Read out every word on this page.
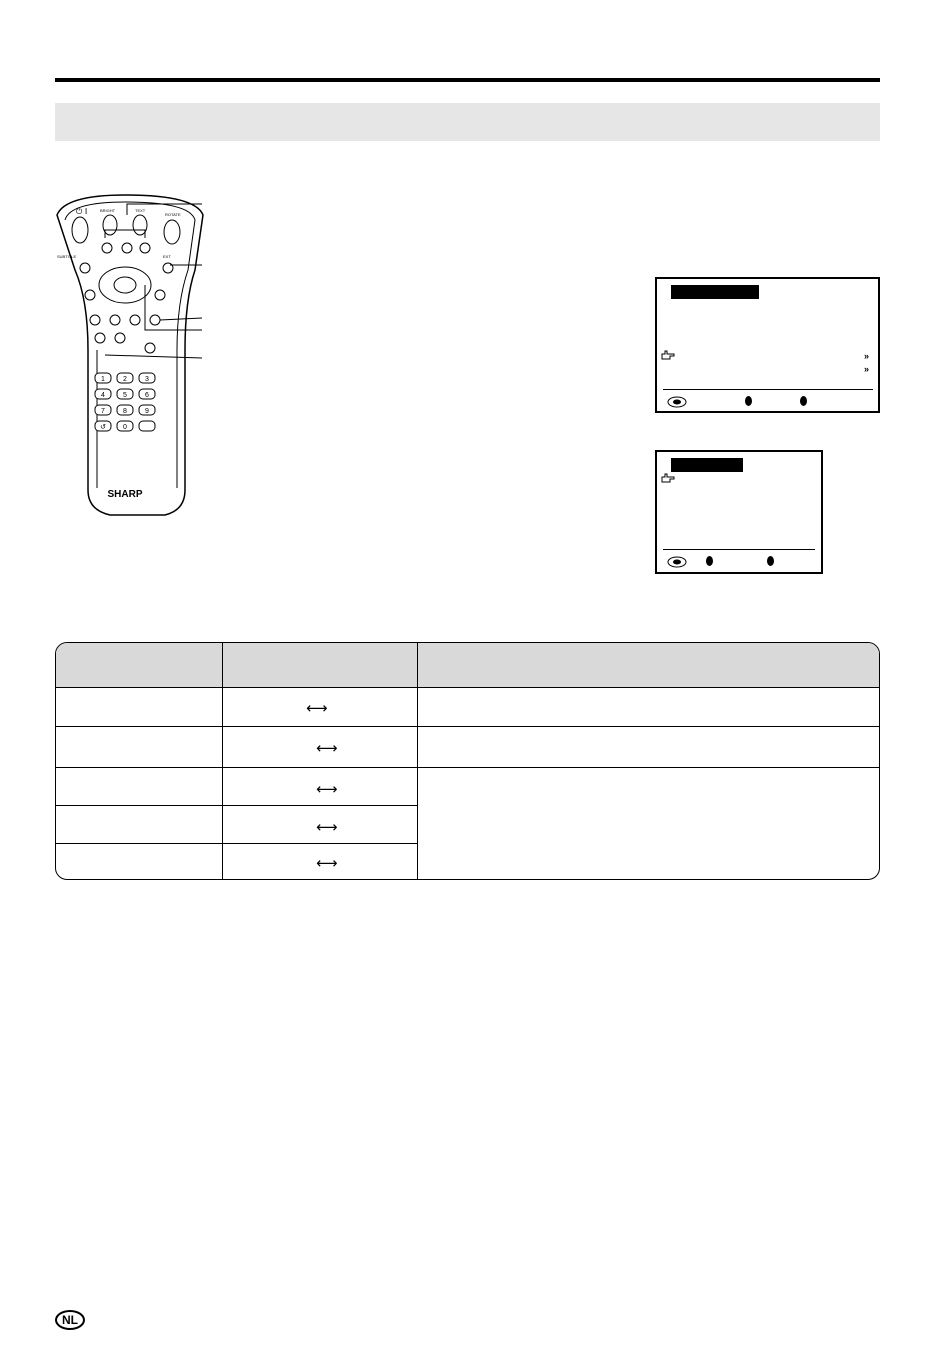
⏻ I	BRIGHT	TEXT
ROTATE
SUBTITLE	EXT
1	2	3
4	5	6
7	8	9
↺ 0
SHARP
»
»
⟷
⟷
⟷
⟷
⟷
NL
